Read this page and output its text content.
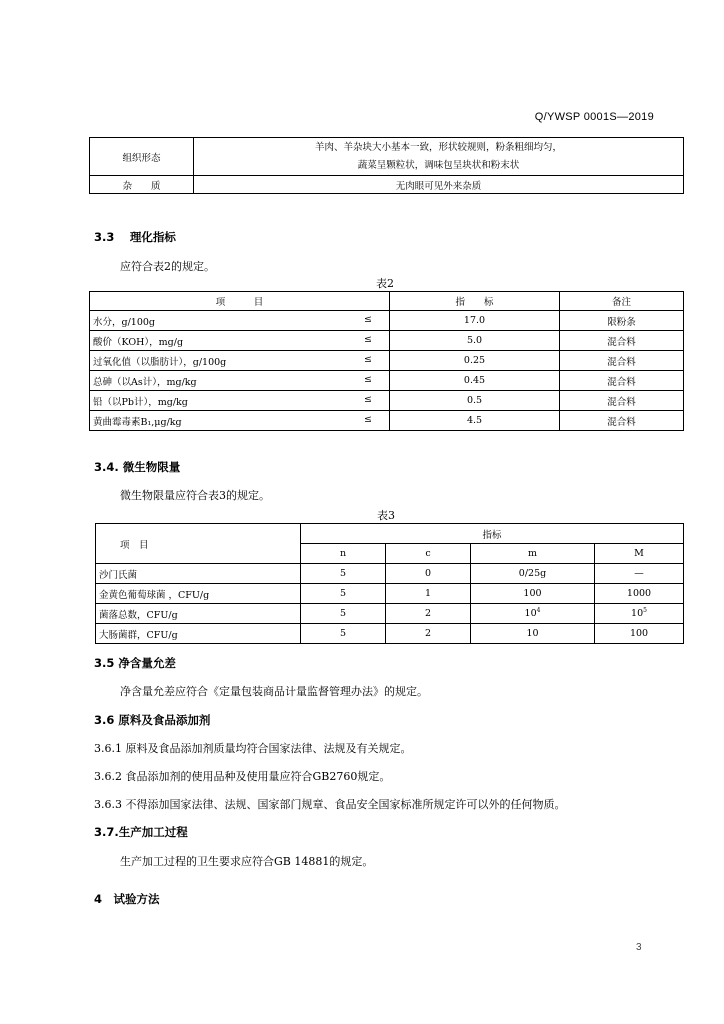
Q/YWSP 0001S—2019
组织形态	羊肉、羊杂块大小基本一致，形状较规则，粉条粗细均匀，
蔬菜呈颗粒状，调味包呈块状和粉末状

杂　　质	无肉眼可见外来杂质
3.3　 理化指标
应符合表2的规定。
表2
项　　　目	指　　标	备注
水分，g/100g ≤	17.0	限粉条
酸价（KOH），mg/g ≤	5.0	混合料
过氧化值（以脂肪计），g/100g ≤	0.25	混合料
总砷（以As计），mg/kg ≤	0.45	混合料
铅（以Pb计），mg/kg ≤	0.5	混合料
黄曲霉毒素B₁,μg/kg ≤	4.5	混合料
3.4. 微生物限量
微生物限量应符合表3的规定。
表3
项　目	指标			
	n	c	m	M
沙门氏菌	5	0	0/25g	—
金黄色葡萄球菌 ，CFU/g	5	1	100	1000
菌落总数，CFU/g	5	2	$10^4$	$10^5$
大肠菌群，CFU/g	5	2	10	100
3.5 净含量允差
净含量允差应符合《定量包装商品计量监督管理办法》的规定。
3.6 原料及食品添加剂
3.6.1 原料及食品添加剂质量均符合国家法律、法规及有关规定。
3.6.2 食品添加剂的使用品种及使用量应符合GB2760规定。
3.6.3 不得添加国家法律、法规、国家部门规章、食品安全国家标准所规定许可以外的任何物质。
3.7.生产加工过程
生产加工过程的卫生要求应符合GB 14881的规定。
4　试验方法
3
